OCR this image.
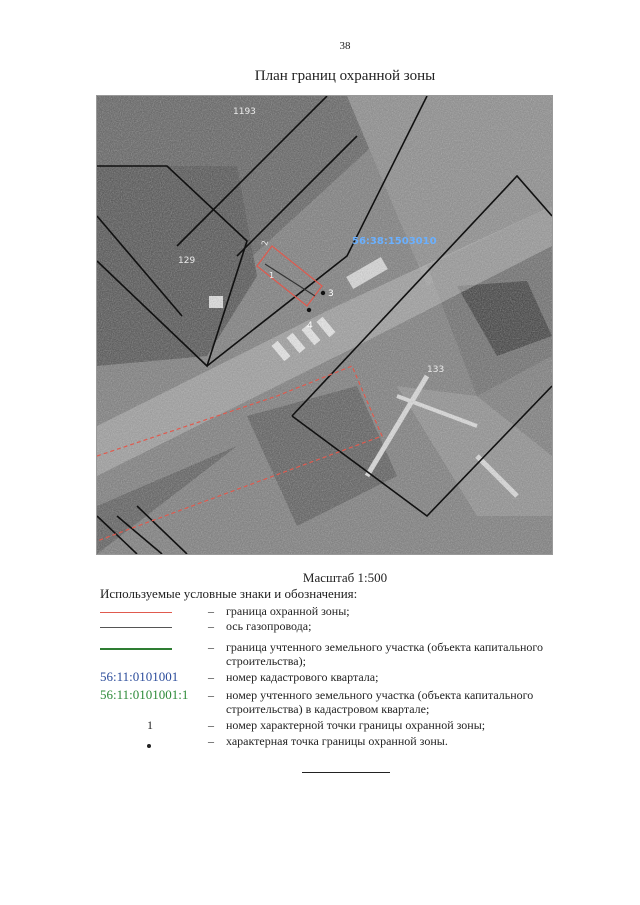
38
План границ охранной зоны
1193
129
133
56:38:1503010
1
2
3
4
Масштаб 1:500
Используемые условные знаки и обозначения:
– граница охранной зоны;
– ось газопровода;
– граница учтенного земельного участка (объекта капитального строительства);
56:11:0101001	– номер кадастрового квартала;
56:11:0101001:1	– номер учтенного земельного участка (объекта капитального строительства) в кадастровом квартале;
1	– номер характерной точки границы охранной зоны;
– характерная точка границы охранной зоны.
